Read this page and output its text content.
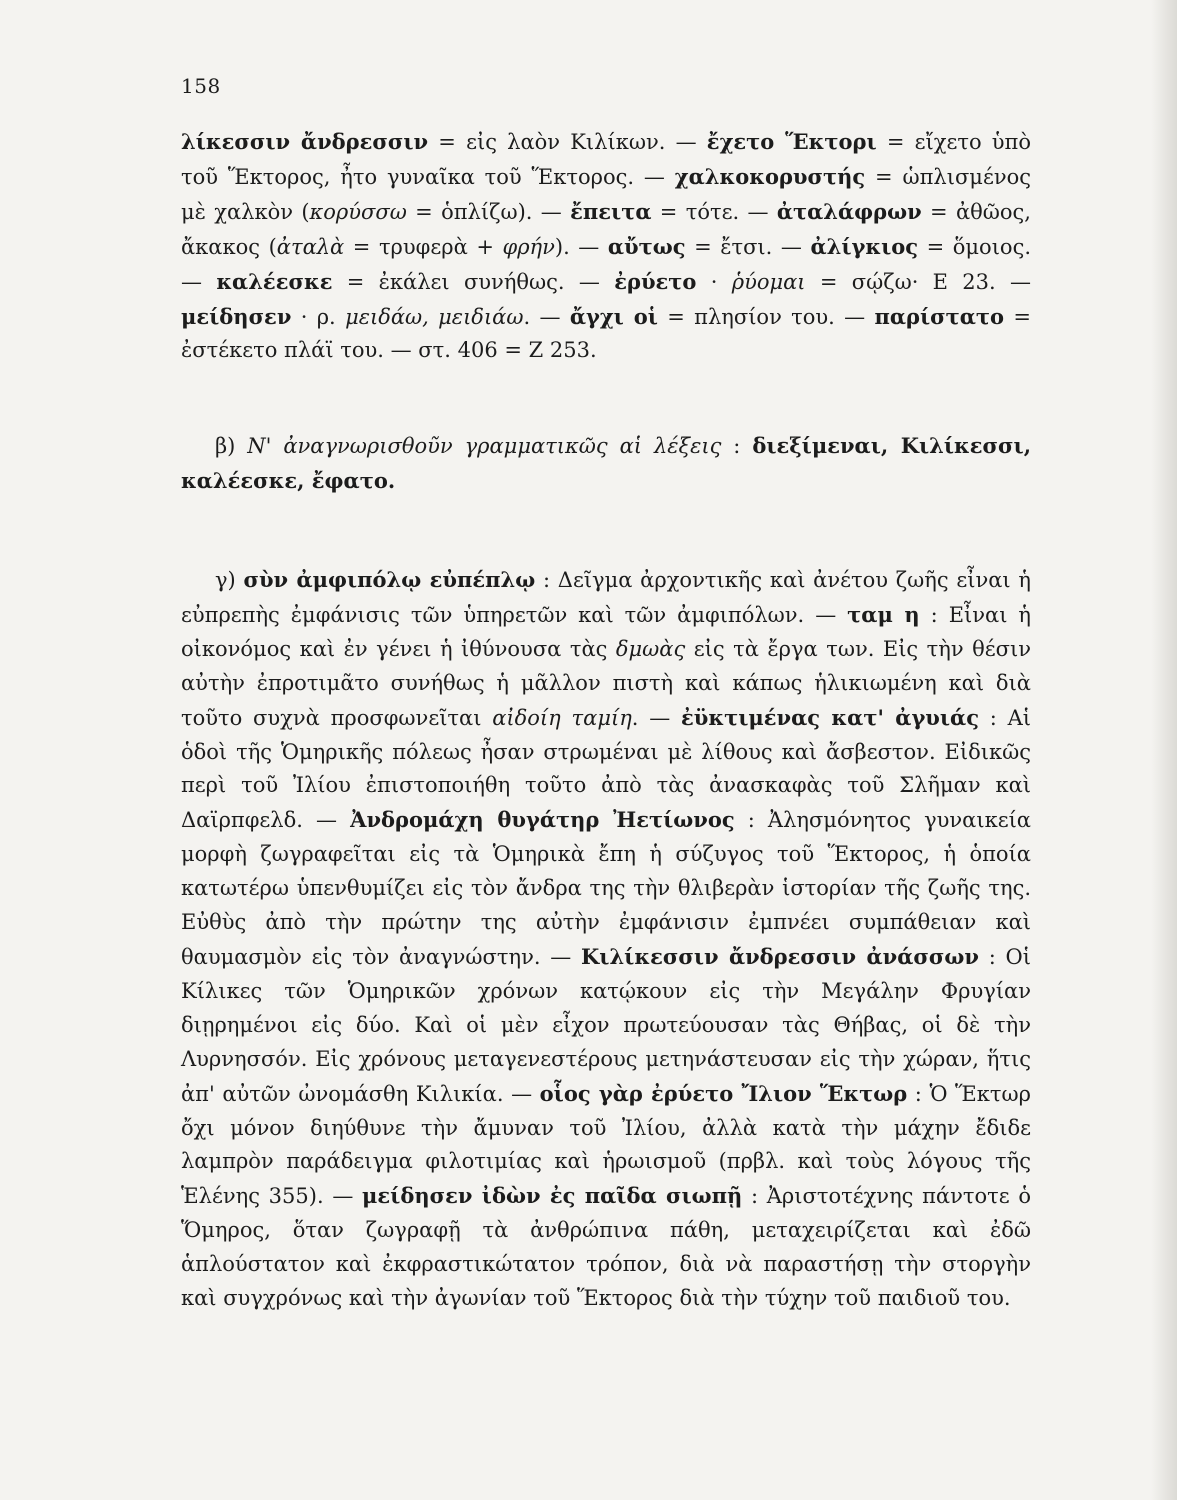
158

λίκεσσιν ἄνδρεσσιν = εἰς λαὸν Κιλίκων. — ἔχετο Ἕκτορι = εἴχετο ὑπὸ τοῦ Ἕκτορος, ἦτο γυναῖκα τοῦ Ἕκτορος. — χαλκοκορυστής = ὡπλισμένος μὲ χαλκὸν (κορύσσω = ὁπλίζω). — ἔπειτα = τότε. — ἀταλάφρων = ἀθῶος, ἄκακος (ἀταλὰ = τρυφερὰ + φρήν). — αὔτως = ἔτσι. — ἀλίγκιος = ὅμοιος. — καλέεσκε = ἐκάλει συνήθως. — ἐρύετο · ῥύομαι = σῴζω· Ε 23. — μείδησεν · ρ. μειδάω, μειδιάω. — ἄγχι οἱ = πλησίον του. — παρίστατο = ἐστέκετο πλάϊ του. — στ. 406 = Ζ 253.

β) Ν' ἀναγνωρισθοῦν γραμματικῶς αἱ λέξεις : διεξίμεναι, Κιλίκεσσι, καλέεσκε, ἔφατο.

γ) σὺν ἀμφιπόλῳ εὐπέπλῳ : Δεῖγμα ἀρχοντικῆς καὶ ἀνέτου ζωῆς εἶναι ἡ εὐπρεπὴς ἐμφάνισις τῶν ὑπηρετῶν καὶ τῶν ἀμφιπόλων. — ταμ η : Εἶναι ἡ οἰκονόμος καὶ ἐν γένει ἡ ἰθύνουσα τὰς δμωὰς εἰς τὰ ἔργα των. Εἰς τὴν θέσιν αὐτὴν ἐπροτιμᾶτο συνήθως ἡ μᾶλλον πιστὴ καὶ κάπως ἡλικιωμένη καὶ διὰ τοῦτο συχνὰ προσφωνεῖται αἰδοίη ταμίη. — ἐϋκτιμένας κατ' ἀγυιάς : Αἱ ὁδοὶ τῆς Ὁμηρικῆς πόλεως ἦσαν στρωμέναι μὲ λίθους καὶ ἄσβεστον. Εἰδικῶς περὶ τοῦ Ἰλίου ἐπιστοποιήθη τοῦτο ἀπὸ τὰς ἀνασκαφὰς τοῦ Σλῆμαν καὶ Δαϊρπφελδ. — Ἀνδρομάχη θυγάτηρ Ἠετίωνος : Ἀλησμόνητος γυναικεία μορφὴ ζωγραφεῖται εἰς τὰ Ὁμηρικὰ ἔπη ἡ σύζυγος τοῦ Ἕκτορος, ἡ ὁποία κατωτέρω ὑπενθυμίζει εἰς τὸν ἄνδρα της τὴν θλιβερὰν ἱστορίαν τῆς ζωῆς της. Εὐθὺς ἀπὸ τὴν πρώτην της αὐτὴν ἐμφάνισιν ἐμπνέει συμπάθειαν καὶ θαυμασμὸν εἰς τὸν ἀναγνώστην. — Κιλίκεσσιν ἄνδρεσσιν ἀνάσσων : Οἱ Κίλικες τῶν Ὁμηρικῶν χρόνων κατῴκουν εἰς τὴν Μεγάλην Φρυγίαν διῃρημένοι εἰς δύο. Καὶ οἱ μὲν εἶχον πρωτεύουσαν τὰς Θήβας, οἱ δὲ τὴν Λυρνησσόν. Εἰς χρόνους μεταγενεστέρους μετηνάστευσαν εἰς τὴν χώραν, ἥτις ἀπ' αὐτῶν ὠνομάσθη Κιλικία. — οἷος γὰρ ἐρύετο Ἴλιον Ἕκτωρ : Ὁ Ἕκτωρ ὄχι μόνον διηύθυνε τὴν ἄμυναν τοῦ Ἰλίου, ἀλλὰ κατὰ τὴν μάχην ἔδιδε λαμπρὸν παράδειγμα φιλοτιμίας καὶ ἡρωισμοῦ (πρβλ. καὶ τοὺς λόγους τῆς Ἑλένης 355). — μείδησεν ἰδὼν ἐς παῖδα σιωπῇ : Ἀριστοτέχνης πάντοτε ὁ Ὅμηρος, ὅταν ζωγραφῇ τὰ ἀνθρώπινα πάθη, μεταχειρίζεται καὶ ἐδῶ ἁπλούστατον καὶ ἐκφραστικώτατον τρόπον, διὰ νὰ παραστήσῃ τὴν στοργὴν καὶ συγχρόνως καὶ τὴν ἀγωνίαν τοῦ Ἕκτορος διὰ τὴν τύχην τοῦ παιδιοῦ του.
